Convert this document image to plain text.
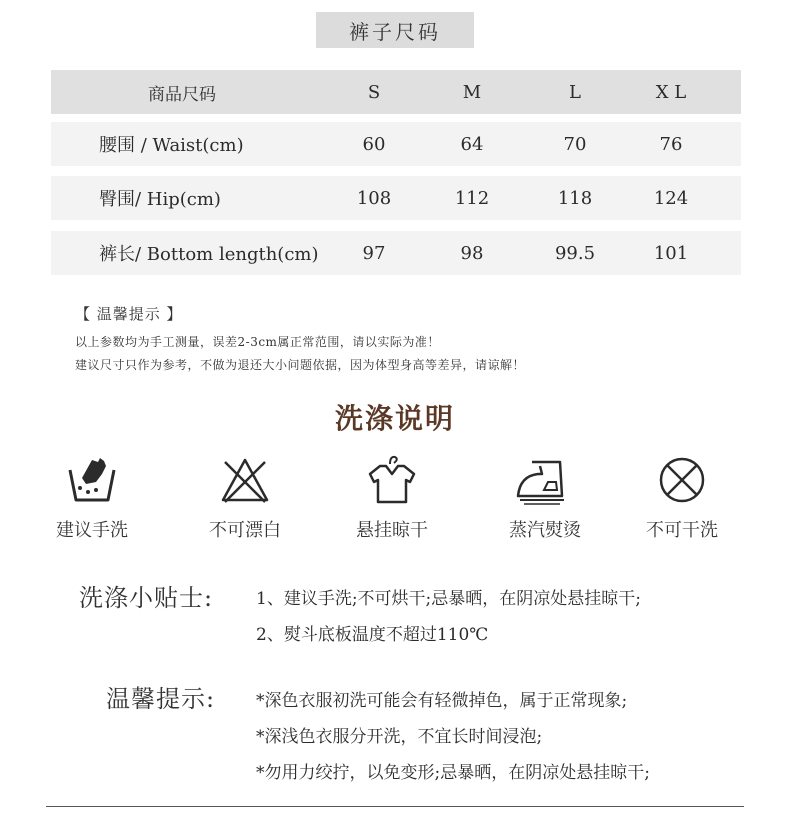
裤子尺码
商品尺码	S	M	L	X L
腰围 / Waist(cm)	60	64	70	76
臀围/ Hip(cm)	108	112	118	124
裤长/ Bottom length(cm)	97	98	99.5	101
【 温馨提示 】
以上参数均为手工测量，误差2-3cm属正常范围，请以实际为准！
建议尺寸只作为参考，不做为退还大小问题依据，因为体型身高等差异，请谅解！
洗涤说明
建议手洗	不可漂白	悬挂晾干	蒸汽熨烫	不可干洗
洗涤小贴士:	1、建议手洗;不可烘干;忌暴晒，在阴凉处悬挂晾干;
2、熨斗底板温度不超过110℃
温馨提示: *深色衣服初洗可能会有轻微掉色，属于正常现象;
*深浅色衣服分开洗，不宜长时间浸泡;
*勿用力绞拧，以免变形;忌暴晒，在阴凉处悬挂晾干;
